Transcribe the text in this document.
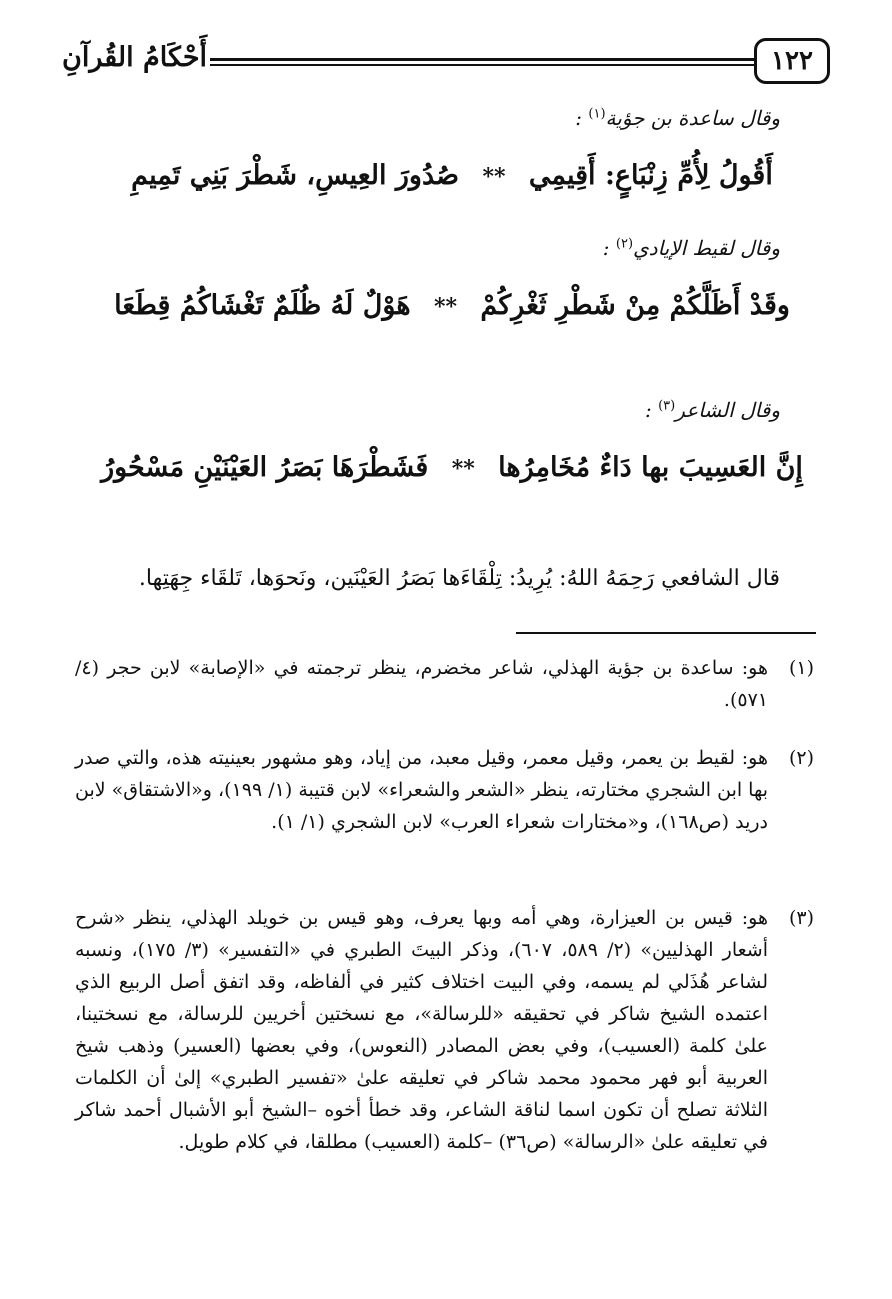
١٢٢
أَحْكَامُ القُرآنِ
وقال ساعدة بن جؤية$^{(١)}$ :
أَقُولُ لِأُمِّ زِنْبَاعٍ: أَقِيمِي ** صُدُورَ العِيسِ، شَطْرَ بَنِي تَمِيمِ
وقال لقيط الإيادي$^{(٢)}$ :
وقَدْ أَظَلَّكُمْ مِنْ شَطْرِ ثَغْرِكُمْ ** هَوْلٌ لَهُ ظُلَمٌ تَغْشَاكُمُ قِطَعَا
وقال الشاعر$^{(٣)}$ :
إِنَّ العَسِيبَ بها دَاءٌ مُخَامِرُها ** فَشَطْرَهَا بَصَرُ العَيْنَيْنِ مَسْحُورُ
قال الشافعي رَحِمَهُ اللهُ: يُرِيدُ: تِلْقَاءَها بَصَرُ العَيْنَين، ونَحوَها، تَلقَاء جِهَتِها.
(١)
هو: ساعدة بن جؤية الهذلي، شاعر مخضرم، ينظر ترجمته في «الإصابة» لابن حجر (٤/ ٥٧١).
(٢)
هو: لقيط بن يعمر، وقيل معمر، وقيل معبد، من إياد، وهو مشهور بعينيته هذه، والتي صدر بها ابن الشجري مختارته، ينظر «الشعر والشعراء» لابن قتيبة (١/ ١٩٩)، و«الاشتقاق» لابن دريد (ص١٦٨)، و«مختارات شعراء العرب» لابن الشجري (١/ ١).
(٣)
هو: قيس بن العيزارة، وهي أمه وبها يعرف، وهو قيس بن خويلد الهذلي، ينظر «شرح أشعار الهذليين» (٢/ ٥٨٩، ٦٠٧)، وذكر البيتَ الطبري في «التفسير» (٣/ ١٧٥)، ونسبه لشاعر هُذَلي لم يسمه، وفي البيت اختلاف كثير في ألفاظه، وقد اتفق أصل الربيع الذي اعتمده الشيخ شاكر في تحقيقه «للرسالة»، مع نسختين أخريين للرسالة، مع نسختينا، علىٰ كلمة (العسيب)، وفي بعض المصادر (النعوس)، وفي بعضها (العسير) وذهب شيخ العربية أبو فهر محمود محمد شاكر في تعليقه علىٰ «تفسير الطبري» إلىٰ أن الكلمات الثلاثة تصلح أن تكون اسما لناقة الشاعر، وقد خطأ أخوه –الشيخ أبو الأشبال أحمد شاكر في تعليقه علىٰ «الرسالة» (ص٣٦) –كلمة (العسيب) مطلقا، في كلام طويل.
